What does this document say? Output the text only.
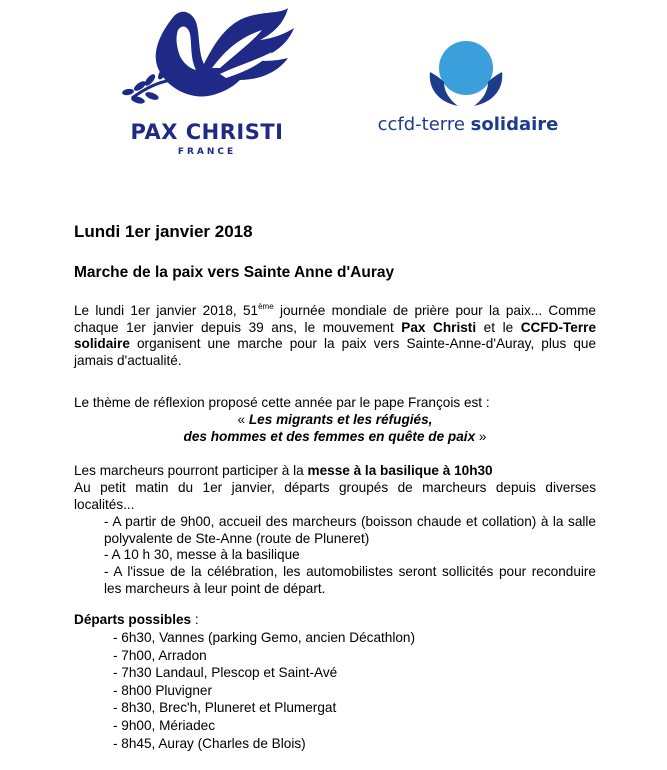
PAX CHRISTI
FRANCE
ccfd-terre solidaire
Lundi 1er janvier 2018
Marche de la paix vers Sainte Anne d'Auray
Le lundi 1er janvier 2018, 51ème journée mondiale de prière pour la paix... Comme chaque 1er janvier depuis 39 ans, le mouvement Pax Christi et le CCFD-Terre solidaire organisent une marche pour la paix vers Sainte-Anne-d'Auray, plus que jamais d'actualité.
Le thème de réflexion proposé cette année par le pape François est :
« Les migrants et les réfugiés,
des hommes et des femmes en quête de paix »
Les marcheurs pourront participer à la messe à la basilique à 10h30
Au petit matin du 1er janvier, départs groupés de marcheurs depuis diverses localités...
- A partir de 9h00, accueil des marcheurs (boisson chaude et collation) à la salle polyvalente de Ste-Anne (route de Pluneret)
- A 10 h 30, messe à la basilique
- A l'issue de la célébration, les automobilistes seront sollicités pour reconduire les marcheurs à leur point de départ.
Départs possibles :
- 6h30, Vannes (parking Gemo, ancien Décathlon)
- 7h00, Arradon
- 7h30 Landaul, Plescop et Saint-Avé
- 8h00 Pluvigner
- 8h30, Brec'h, Pluneret et Plumergat
- 9h00, Mériadec
- 8h45, Auray (Charles de Blois)
